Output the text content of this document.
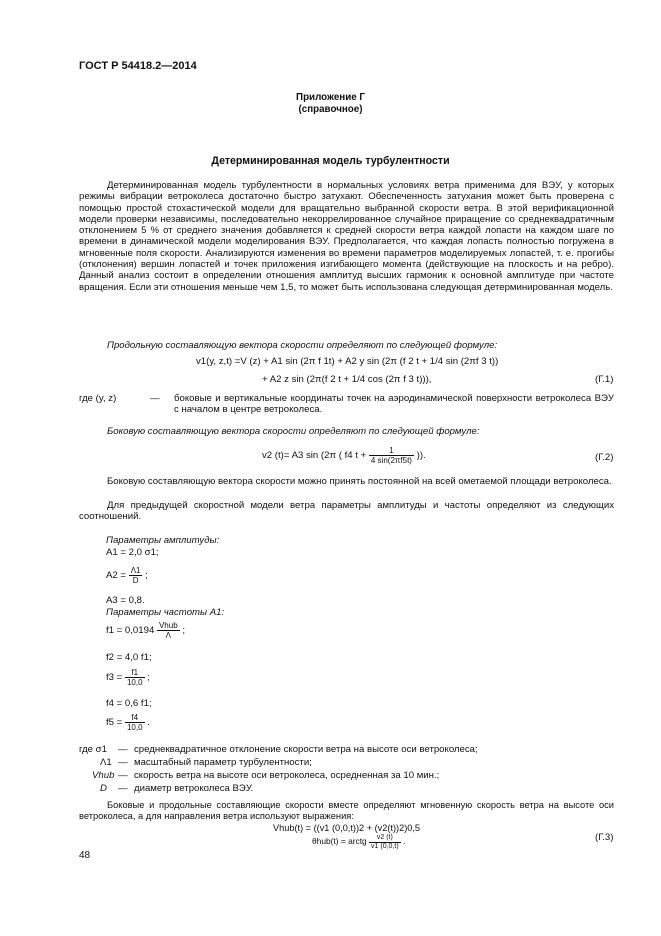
ГОСТ Р 54418.2—2014
Приложение Г
(справочное)
Детерминированная модель турбулентности
Детерминированная модель турбулентности в нормальных условиях ветра применима для ВЭУ, у которых режимы вибрации ветроколеса достаточно быстро затухают. Обеспеченность затухания может быть проверена с помощью простой стохастической модели для вращательно выбранной скорости ветра. В этой верификационной модели проверки независимы, последовательно некоррелированное случайное приращение со среднеквадратичным отклонением 5 % от среднего значения добавляется к средней скорости ветра каждой лопасти на каждом шаге по времени в динамической модели моделирования ВЭУ. Предполагается, что каждая лопасть полностью погружена в мгновенные поля скорости. Анализируются изменения во времени параметров моделируемых лопастей, т. е. прогибы (отклонения) вершин лопастей и точек приложения изгибающего момента (действующие на плоскость и на ребро). Данный анализ состоит в определении отношения амплитуд высших гармоник к основной амплитуде при частоте вращения. Если эти отношения меньше чем 1,5, то может быть использована следующая детерминированная модель.
Продольную составляющую вектора скорости определяют по следующей формуле:
v1(y, z,t) =V (z) + A1 sin (2π f 1t) + A2 y sin (2π (f 2 t + 1/4 sin (2πf 3 t))
+ A2 z sin (2π(f 2 t + 1/4 cos (2π f 3 t))),	(Г.1)
где (y, z)	— боковые и вертикальные координаты точек на аэродинамической поверхности ветроколеса ВЭУ с началом в центре ветроколеса.
Боковую составляющую вектора скорости определяют по следующей формуле:
v2 (t)= A3 sin (2π ( f4 $t + \frac{1}{4 \sin(2\pi f5t)}$ )).	(Г.2)
Боковую составляющую вектора скорости можно принять постоянной на всей ометаемой площади ветроколеса.
Для предыдущей скоростной модели ветра параметры амплитуды и частоты определяют из следующих соотношений.
Параметры амплитуды:
A1 = 2,0 σ1;
$A2 = \frac{\Lambda 1}{D}$ ;
A3 = 0,8.
Параметры частоты A1:
$f1 = 0,0194 \frac{\text{Vhub}}{\Lambda}$ ;
f2 = 4,0 f1;
$f3 = \frac{f1}{10,0}$ ;
f4 = 0,6 f1;
$f5 = \frac{f4}{10,0}$ .
где σ1 — среднеквадратичное отклонение скорости ветра на высоте оси ветроколеса;
Λ1 — масштабный параметр турбулентности;
Vhub — скорость ветра на высоте оси ветроколеса, осредненная за 10 мин.;
D — диаметр ветроколеса ВЭУ.
Боковые и продольные составляющие скорости вместе определяют мгновенную скорость ветра на высоте оси ветроколеса, а для направления ветра используют выражения:
Vhub(t) = ((v1 (0,0,t))2 + (v2(t))2)0,5
θhub(t) = arctg $\frac{v2 (t)}{v1 (0,0,t)}$ .	(Г.3)
48
